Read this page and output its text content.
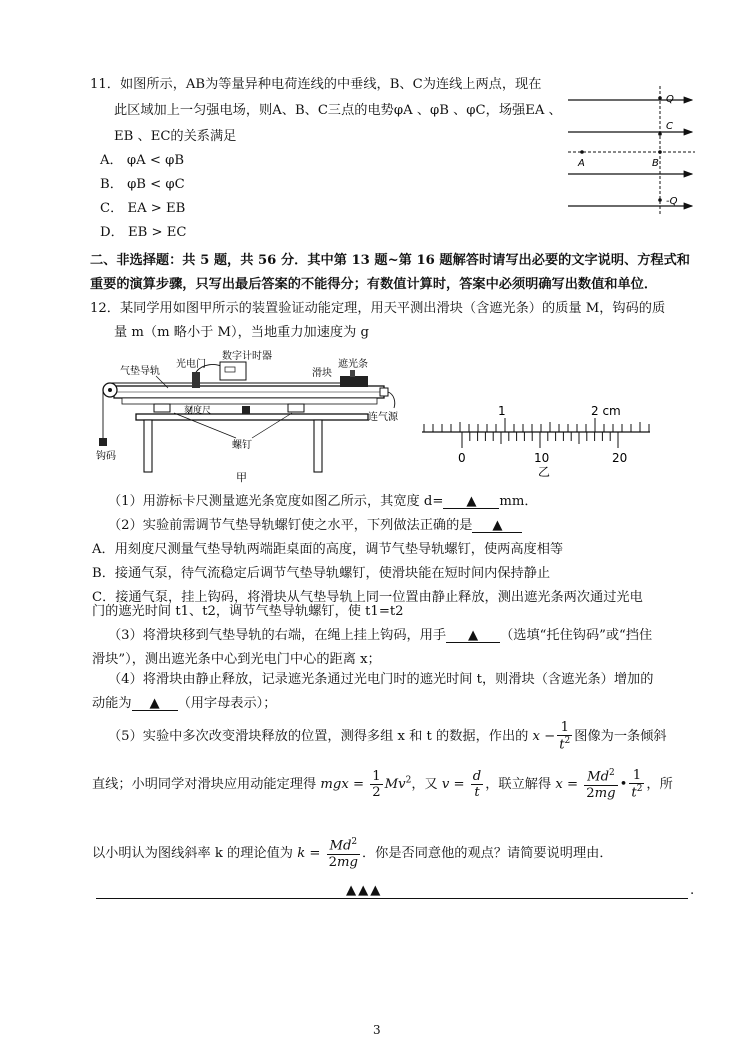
11．如图所示，AB为等量异种电荷连线的中垂线，B、C为连线上两点，现在
此区域加上一匀强电场，则A、B、C三点的电势φA 、φB 、φC，场强EA 、
EB 、EC的关系满足
A． φA < φB
B． φB < φC
C． EA > EB
D． EB > EC
Q
C
A	B
-Q
二、非选择题：共 5 题，共 56 分．其中第 13 题~第 16 题解答时请写出必要的文字说明、方程式和
重要的演算步骤，只写出最后答案的不能得分；有数值计算时，答案中必须明确写出数值和单位．
12．某同学用如图甲所示的装置验证动能定理，用天平测出滑块（含遮光条）的质量 M，钩码的质
量 m（m 略小于 M），当地重力加速度为 g
数字计时器
气垫导轨
光电门
滑块
遮光条
刻度尺
连气源
螺钉
钩码
甲
1	2 cm
0	10	20
乙
（1）用游标卡尺测量遮光条宽度如图乙所示，其宽度 d= ▲ mm．
（2）实验前需调节气垫导轨螺钉使之水平，下列做法正确的是 ▲
A．用刻度尺测量气垫导轨两端距桌面的高度，调节气垫导轨螺钉，使两高度相等
B．接通气泵，待气流稳定后调节气垫导轨螺钉，使滑块能在短时间内保持静止
C．接通气泵，挂上钩码，将滑块从气垫导轨上同一位置由静止释放，测出遮光条两次通过光电
门的遮光时间 t1、t2，调节气垫导轨螺钉，使 t1=t2
（3）将滑块移到气垫导轨的右端，在绳上挂上钩码，用手 ▲ （选填“托住钩码”或“挡住
滑块”），测出遮光条中心到光电门中心的距离 x；
（4）将滑块由静止释放，记录遮光条通过光电门时的遮光时间 t，则滑块（含遮光条）增加的
动能为 ▲ （用字母表示）；
（5）实验中多次改变滑块释放的位置，测得多组 x 和 t 的数据，作出的 $x - \frac{1}{t^2}$ 图像为一条倾斜
直线；小明同学对滑块应用动能定理得 mgx = $\frac{1}{2} Mv^2$，又 $v = \frac{d}{t}$ ，联立解得 $x = \frac{Md^2}{2mg}$ • $\frac{1}{t^2}$ ，所
以小明认为图线斜率 k 的理论值为 $k = \frac{Md^2}{2mg}$ ．你是否同意他的观点？请简要说明理由．
▲▲▲	.
3
